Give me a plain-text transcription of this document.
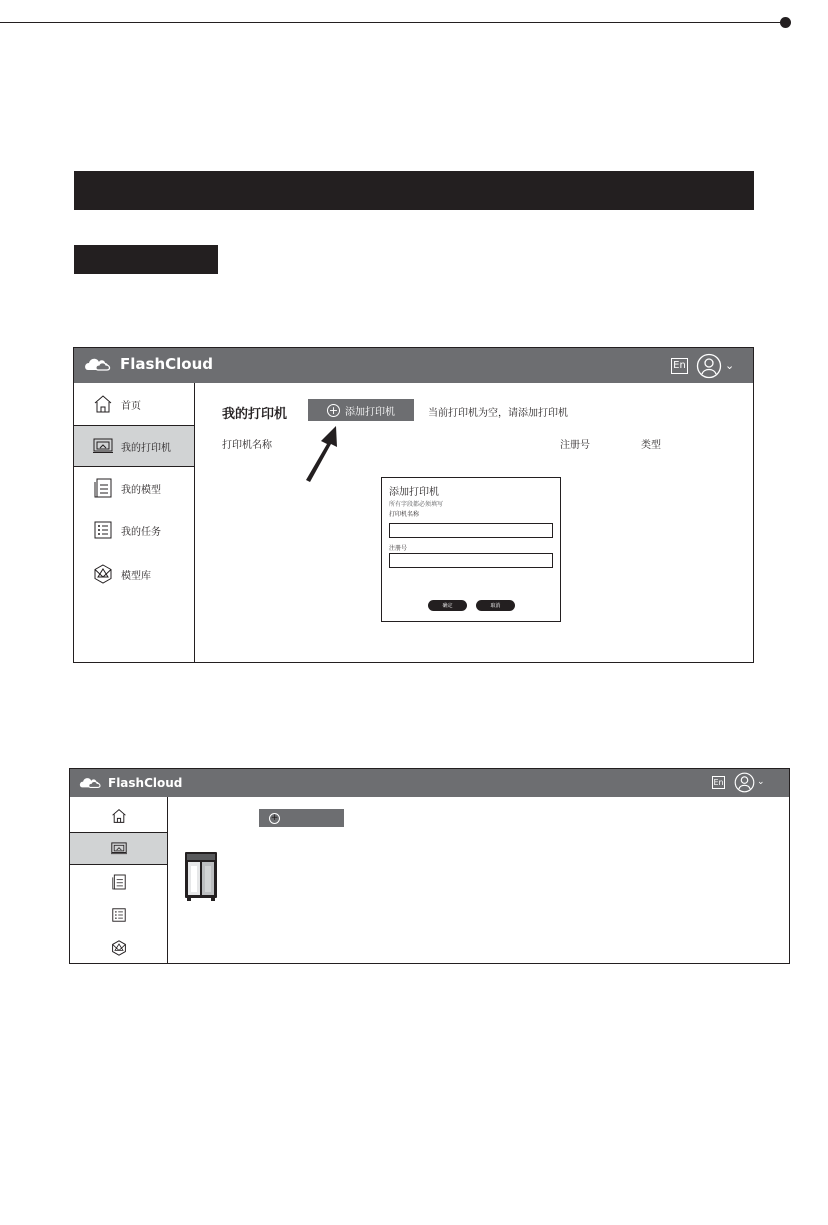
FlashCloud	En	⌄
首页
我的打印机
我的模型
我的任务
模型库
我的打印机	+ 添加打印机	当前打印机为空，请添加打印机
打印机名称	注册号	类型
添加打印机
所有字段都必须填写
打印机名称
注册号
确定	取消
FlashCloud	En	⌄
+
